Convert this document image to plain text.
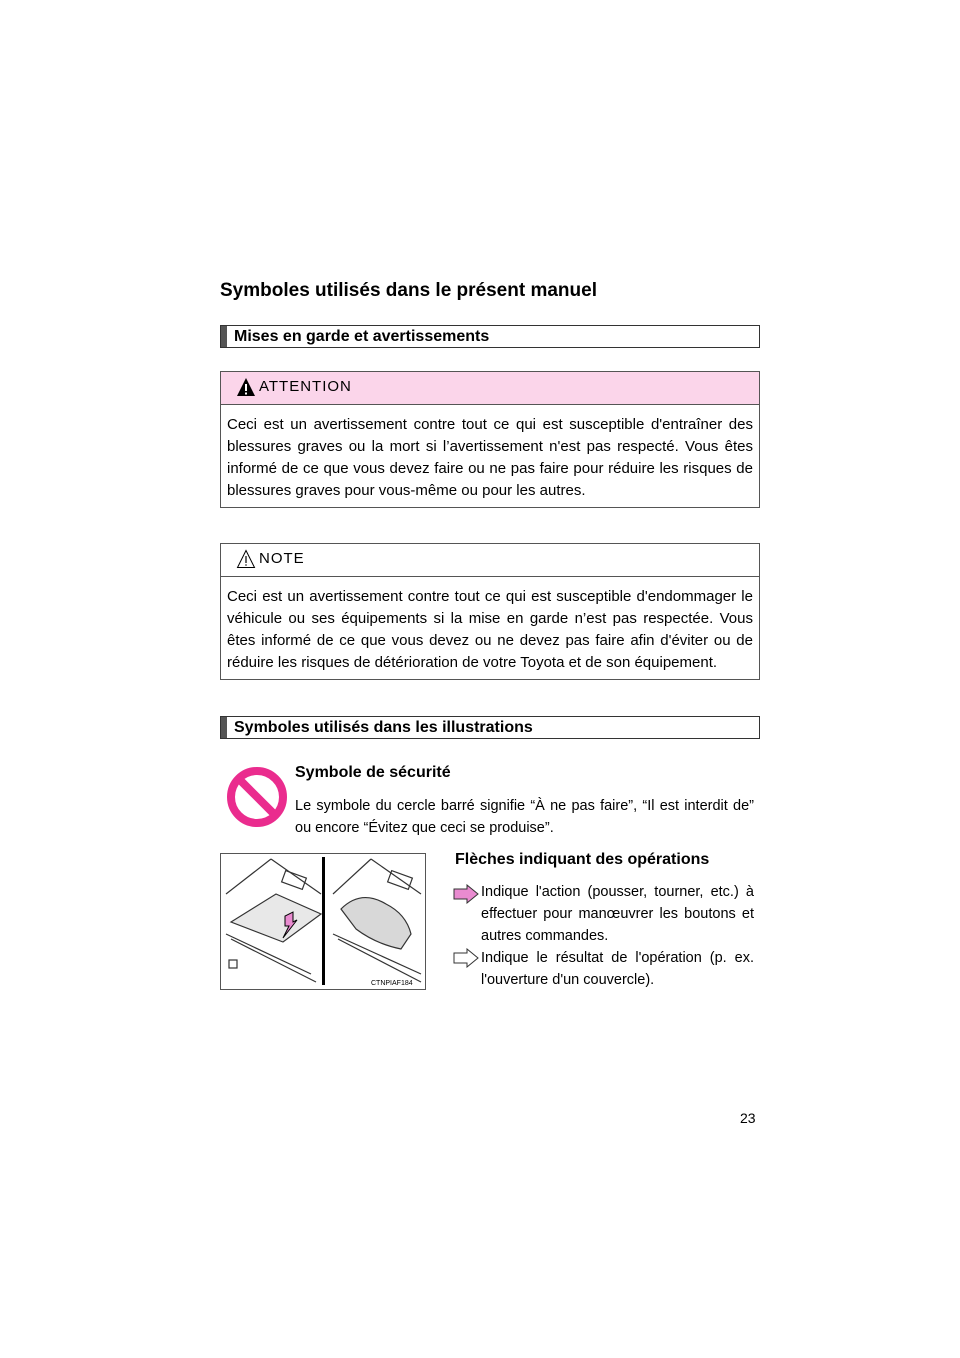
Symboles utilisés dans le présent manuel
Mises en garde et avertissements
ATTENTION
Ceci est un avertissement contre tout ce qui est susceptible d'entraîner des blessures graves ou la mort si l’avertissement n'est pas respecté. Vous êtes informé de ce que vous devez faire ou ne pas faire pour réduire les risques de blessures graves pour vous-même ou pour les autres.
NOTE
Ceci est un avertissement contre tout ce qui est susceptible d'endommager le véhicule ou ses équipements si la mise en garde n’est pas respectée. Vous êtes informé de ce que vous devez ou ne devez pas faire afin d'éviter ou de réduire les risques de détérioration de votre Toyota et de son équipement.
Symboles utilisés dans les illustrations
Symbole de sécurité
Le symbole du cercle barré signifie “À ne pas faire”, “Il est interdit de” ou encore “Évitez que ceci se produise”.
CTNPIAF184
Flèches indiquant des opérations
Indique l'action (pousser, tourner, etc.) à effectuer pour manœuvrer les boutons et autres commandes.
Indique le résultat de l'opération (p. ex. l'ouverture d'un couvercle).
23
